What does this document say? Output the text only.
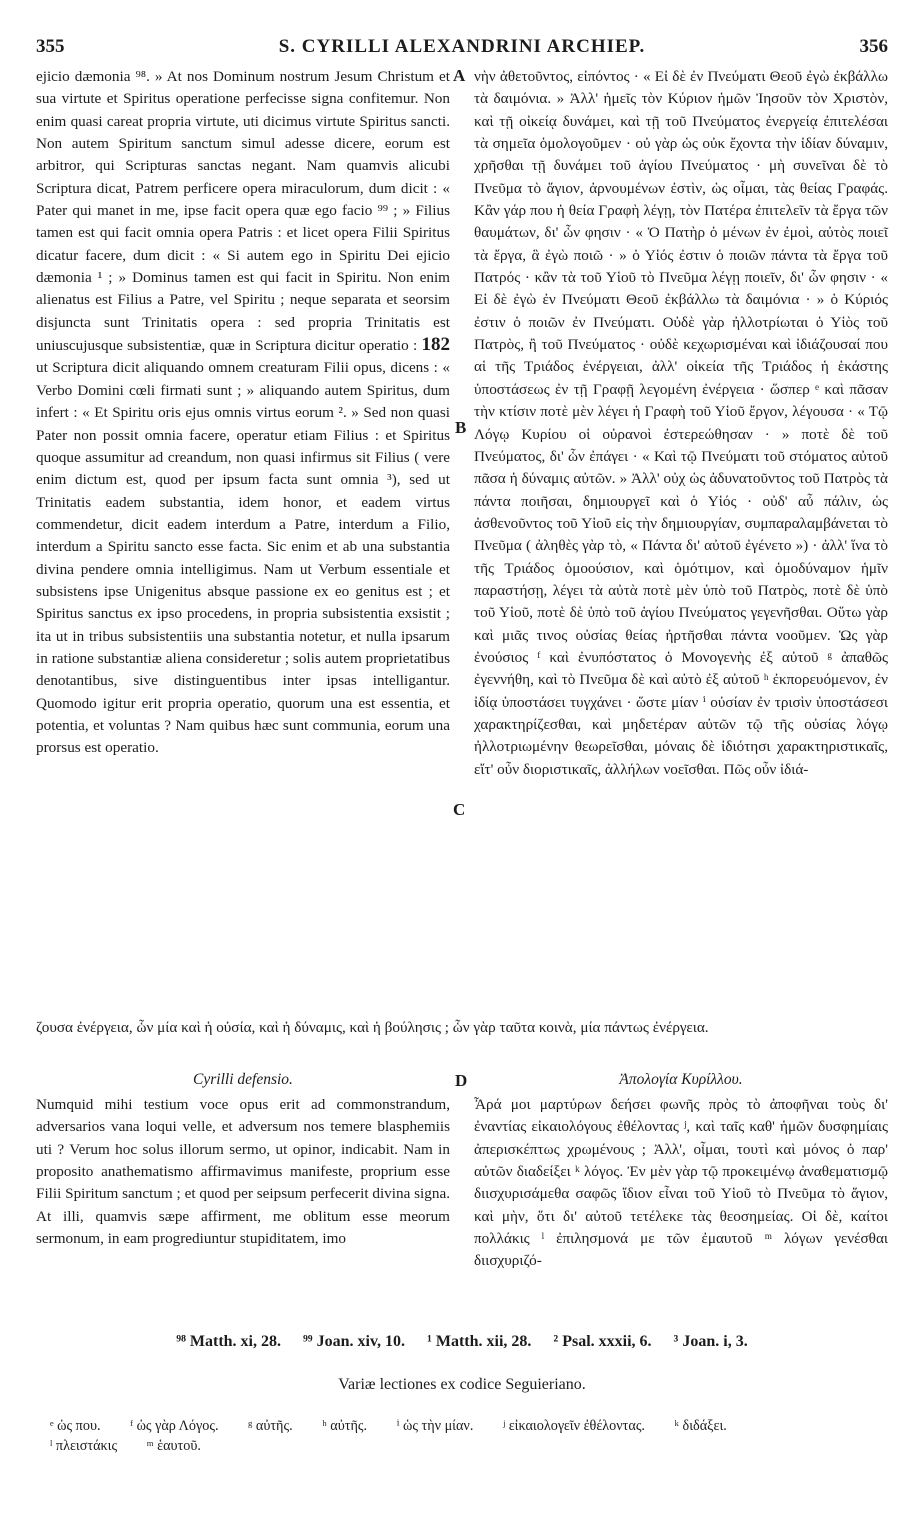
355	S. CYRILLI ALEXANDRINI ARCHIEP.	356

ejicio dæmonia ⁹⁸. » At nos Dominum nostrum Jesum Christum et sua virtute et Spiritus operatione perfecisse signa confitemur. Non enim quasi careat propria virtute, uti dicimus virtute Spiritus sancti. Non autem Spiritum sanctum simul adesse dicere, eorum est arbitror, qui Scripturas sanctas negant. Nam quamvis alicubi Scriptura dicat, Patrem perficere opera miraculorum, dum dicit : « Pater qui manet in me, ipse facit opera quæ ego facio ⁹⁹ ; » Filius tamen est qui facit omnia opera Patris : et licet opera Filii Spiritus dicatur facere, dum dicit : « Si autem ego in Spiritu Dei ejicio dæmonia ¹ ; » Dominus tamen est qui facit in Spiritu. Non enim alienatus est Filius a Patre, vel Spiritu ; neque separata et seorsim disjuncta sunt Trinitatis opera : sed propria Trinitatis est uniuscujusque subsistentiæ, quæ in Scriptura dicitur operatio : 182 ut Scriptura dicit aliquando omnem creaturam Filii opus, dicens : « Verbo Domini cœli firmati sunt ; » aliquando autem Spiritus, dum infert : « Et Spiritu oris ejus omnis virtus eorum ². » Sed non quasi Pater non possit omnia facere, operatur etiam Filius : et Spiritus quoque assumitur ad creandum, non quasi infirmus sit Filius ( vere enim dictum est, quod per ipsum facta sunt omnia ³), sed ut Trinitatis eadem substantia, idem honor, et eadem virtus commendetur, dicit eadem interdum a Patre, interdum a Filio, interdum a Spiritu sancto esse facta. Sic enim et ab una substantia divina pendere omnia intelligimus. Nam ut Verbum essentiale et subsistens ipse Unigenitus absque passione ex eo genitus est ; et Spiritus sanctus ex ipso procedens, in propria subsistentia exsistit ; ita ut in tribus subsistentiis una substantia notetur, et nulla ipsarum in ratione substantiæ aliena consideretur ; solis autem proprietatibus denotantibus, sive distinguentibus inter ipsas intelligantur. Quomodo igitur erit propria operatio, quorum una est essentia, et potentia, et voluntas ? Nam quibus hæc sunt communia, eorum una prorsus est operatio.

νὴν ἀθετοῦντος, εἰπόντος · « Εἰ δὲ ἐν Πνεύματι Θεοῦ ἐγὼ ἐκβάλλω τὰ δαιμόνια. » Ἀλλ' ἡμεῖς τὸν Κύριον ἡμῶν Ἰησοῦν τὸν Χριστὸν, καὶ τῇ οἰκείᾳ δυνάμει, καὶ τῇ τοῦ Πνεύματος ἐνεργείᾳ ἐπιτελέσαι τὰ σημεῖα ὁμολογοῦμεν · οὐ γὰρ ὡς οὐκ ἔχοντα τὴν ἰδίαν δύναμιν, χρῆσθαι τῇ δυνάμει τοῦ ἁγίου Πνεύματος · μὴ συνεῖναι δὲ τὸ Πνεῦμα τὸ ἅγιον, ἀρνουμένων ἐστὶν, ὡς οἶμαι, τὰς θείας Γραφάς. Κἂν γάρ που ἡ θεία Γραφὴ λέγῃ, τὸν Πατέρα ἐπιτελεῖν τὰ ἔργα τῶν θαυμάτων, δι' ὧν φησιν · « Ὁ Πατὴρ ὁ μένων ἐν ἐμοὶ, αὐτὸς ποιεῖ τὰ ἔργα, ἃ ἐγὼ ποιῶ · » ὁ Υἱός ἐστιν ὁ ποιῶν πάντα τὰ ἔργα τοῦ Πατρός · κἂν τὰ τοῦ Υἱοῦ τὸ Πνεῦμα λέγῃ ποιεῖν, δι' ὧν φησιν · « Εἰ δὲ ἐγὼ ἐν Πνεύματι Θεοῦ ἐκβάλλω τὰ δαιμόνια · » ὁ Κύριός ἐστιν ὁ ποιῶν ἐν Πνεύματι. Οὐδὲ γὰρ ἠλλοτρίωται ὁ Υἱὸς τοῦ Πατρὸς, ἢ τοῦ Πνεύματος · οὐδὲ κεχωρισμέναι καὶ ἰδιάζουσαί που αἱ τῆς Τριάδος ἐνέργειαι, ἀλλ' οἰκεία τῆς Τριάδος ἡ ἑκάστης ὑποστάσεως ἐν τῇ Γραφῇ λεγομένη ἐνέργεια · ὥσπερ ᵉ καὶ πᾶσαν τὴν κτίσιν ποτὲ μὲν λέγει ἡ Γραφὴ τοῦ Υἱοῦ ἔργον, λέγουσα · « Τῷ Λόγῳ Κυρίου οἱ οὐρανοὶ ἐστερεώθησαν · » ποτὲ δὲ τοῦ Πνεύματος, δι' ὧν ἐπάγει · « Καὶ τῷ Πνεύματι τοῦ στόματος αὐτοῦ πᾶσα ἡ δύναμις αὐτῶν. » Ἀλλ' οὐχ ὡς ἀδυνατοῦντος τοῦ Πατρὸς τὰ πάντα ποιῆσαι, δημιουργεῖ καὶ ὁ Υἱός · οὐδ' αὖ πάλιν, ὡς ἀσθενοῦντος τοῦ Υἱοῦ εἰς τὴν δημιουργίαν, συμπαραλαμβάνεται τὸ Πνεῦμα ( ἀληθὲς γὰρ τὸ, « Πάντα δι' αὐτοῦ ἐγένετο ») · ἀλλ' ἵνα τὸ τῆς Τριάδος ὁμοούσιον, καὶ ὁμότιμον, καὶ ὁμοδύναμον ἡμῖν παραστήσῃ, λέγει τὰ αὐτὰ ποτὲ μὲν ὑπὸ τοῦ Πατρὸς, ποτὲ δὲ ὑπὸ τοῦ Υἱοῦ, ποτὲ δὲ ὑπὸ τοῦ ἁγίου Πνεύματος γεγενῆσθαι. Οὕτω γὰρ καὶ μιᾶς τινος οὐσίας θείας ἠρτῆσθαι πάντα νοοῦμεν. Ὡς γὰρ ἐνούσιος ᶠ καὶ ἐνυπόστατος ὁ Μονογενὴς ἐξ αὐτοῦ ᵍ ἀπαθῶς ἐγεννήθη, καὶ τὸ Πνεῦμα δὲ καὶ αὐτὸ ἐξ αὐτοῦ ʰ ἐκπορευόμενον, ἐν ἰδίᾳ ὑποστάσει τυγχάνει · ὥστε μίαν ⁱ οὐσίαν ἐν τρισὶν ὑποστάσεσι χαρακτηρίζεσθαι, καὶ μηδετέραν αὐτῶν τῷ τῆς οὐσίας λόγῳ ἠλλοτριωμένην θεωρεῖσθαι, μόναις δὲ ἰδιότησι χαρακτηριστικαῖς, εἴτ' οὖν διοριστικαῖς, ἀλλήλων νοεῖσθαι. Πῶς οὖν ἰδιά-

A
B
C
D
ζουσα ἐνέργεια, ὧν μία καὶ ἡ οὐσία, καὶ ἡ δύναμις, καὶ ἡ βούλησις ; ὧν γὰρ ταῦτα κοινὰ, μία πάντως ἐνέργεια.
Cyrilli defensio.	Ἀπολογία Κυρίλλου.

Numquid mihi testium voce opus erit ad commonstrandum, adversarios vana loqui velle, et adversum nos temere blasphemiis uti ? Verum hoc solus illorum sermo, ut opinor, indicabit. Nam in proposito anathematismo affirmavimus manifeste, proprium esse Filii Spiritum sanctum ; et quod per seipsum perfecerit divina signa. At illi, quamvis sæpe affirment, me oblitum esse meorum sermonum, in eam progrediuntur stupiditatem, imo

Ἆρά μοι μαρτύρων δεήσει φωνῆς πρὸς τὸ ἀποφῆναι τοὺς δι' ἐναντίας εἰκαιολόγους ἐθέλοντας ʲ, καὶ ταῖς καθ' ἡμῶν δυσφημίαις ἀπερισκέπτως χρωμένους ; Ἀλλ', οἶμαι, τουτὶ καὶ μόνος ὁ παρ' αὐτῶν διαδείξει ᵏ λόγος. Ἐν μὲν γὰρ τῷ προκειμένῳ ἀναθεματισμῷ διισχυρισάμεθα σαφῶς ἴδιον εἶναι τοῦ Υἱοῦ τὸ Πνεῦμα τὸ ἅγιον, καὶ μὴν, ὅτι δι' αὐτοῦ τετέλεκε τὰς θεοσημείας. Οἱ δὲ, καίτοι πολλάκις ˡ ἐπιλησμονά με τῶν ἐμαυτοῦ ᵐ λόγων γενέσθαι διισχυριζό-

⁹⁸ Matth. xi, 28. ⁹⁹ Joan. xiv, 10. ¹ Matth. xii, 28. ² Psal. xxxii, 6. ³ Joan. i, 3.
Variæ lectiones ex codice Seguieriano.
ᵉ ὡς που. ᶠ ὡς γὰρ Λόγος. ᵍ αὐτῆς. ʰ αὐτῆς. ⁱ ὡς τὴν μίαν. ʲ εἰκαιολογεῖν ἐθέλοντας. ᵏ διδάξει.
ˡ πλειστάκις ᵐ ἑαυτοῦ.
